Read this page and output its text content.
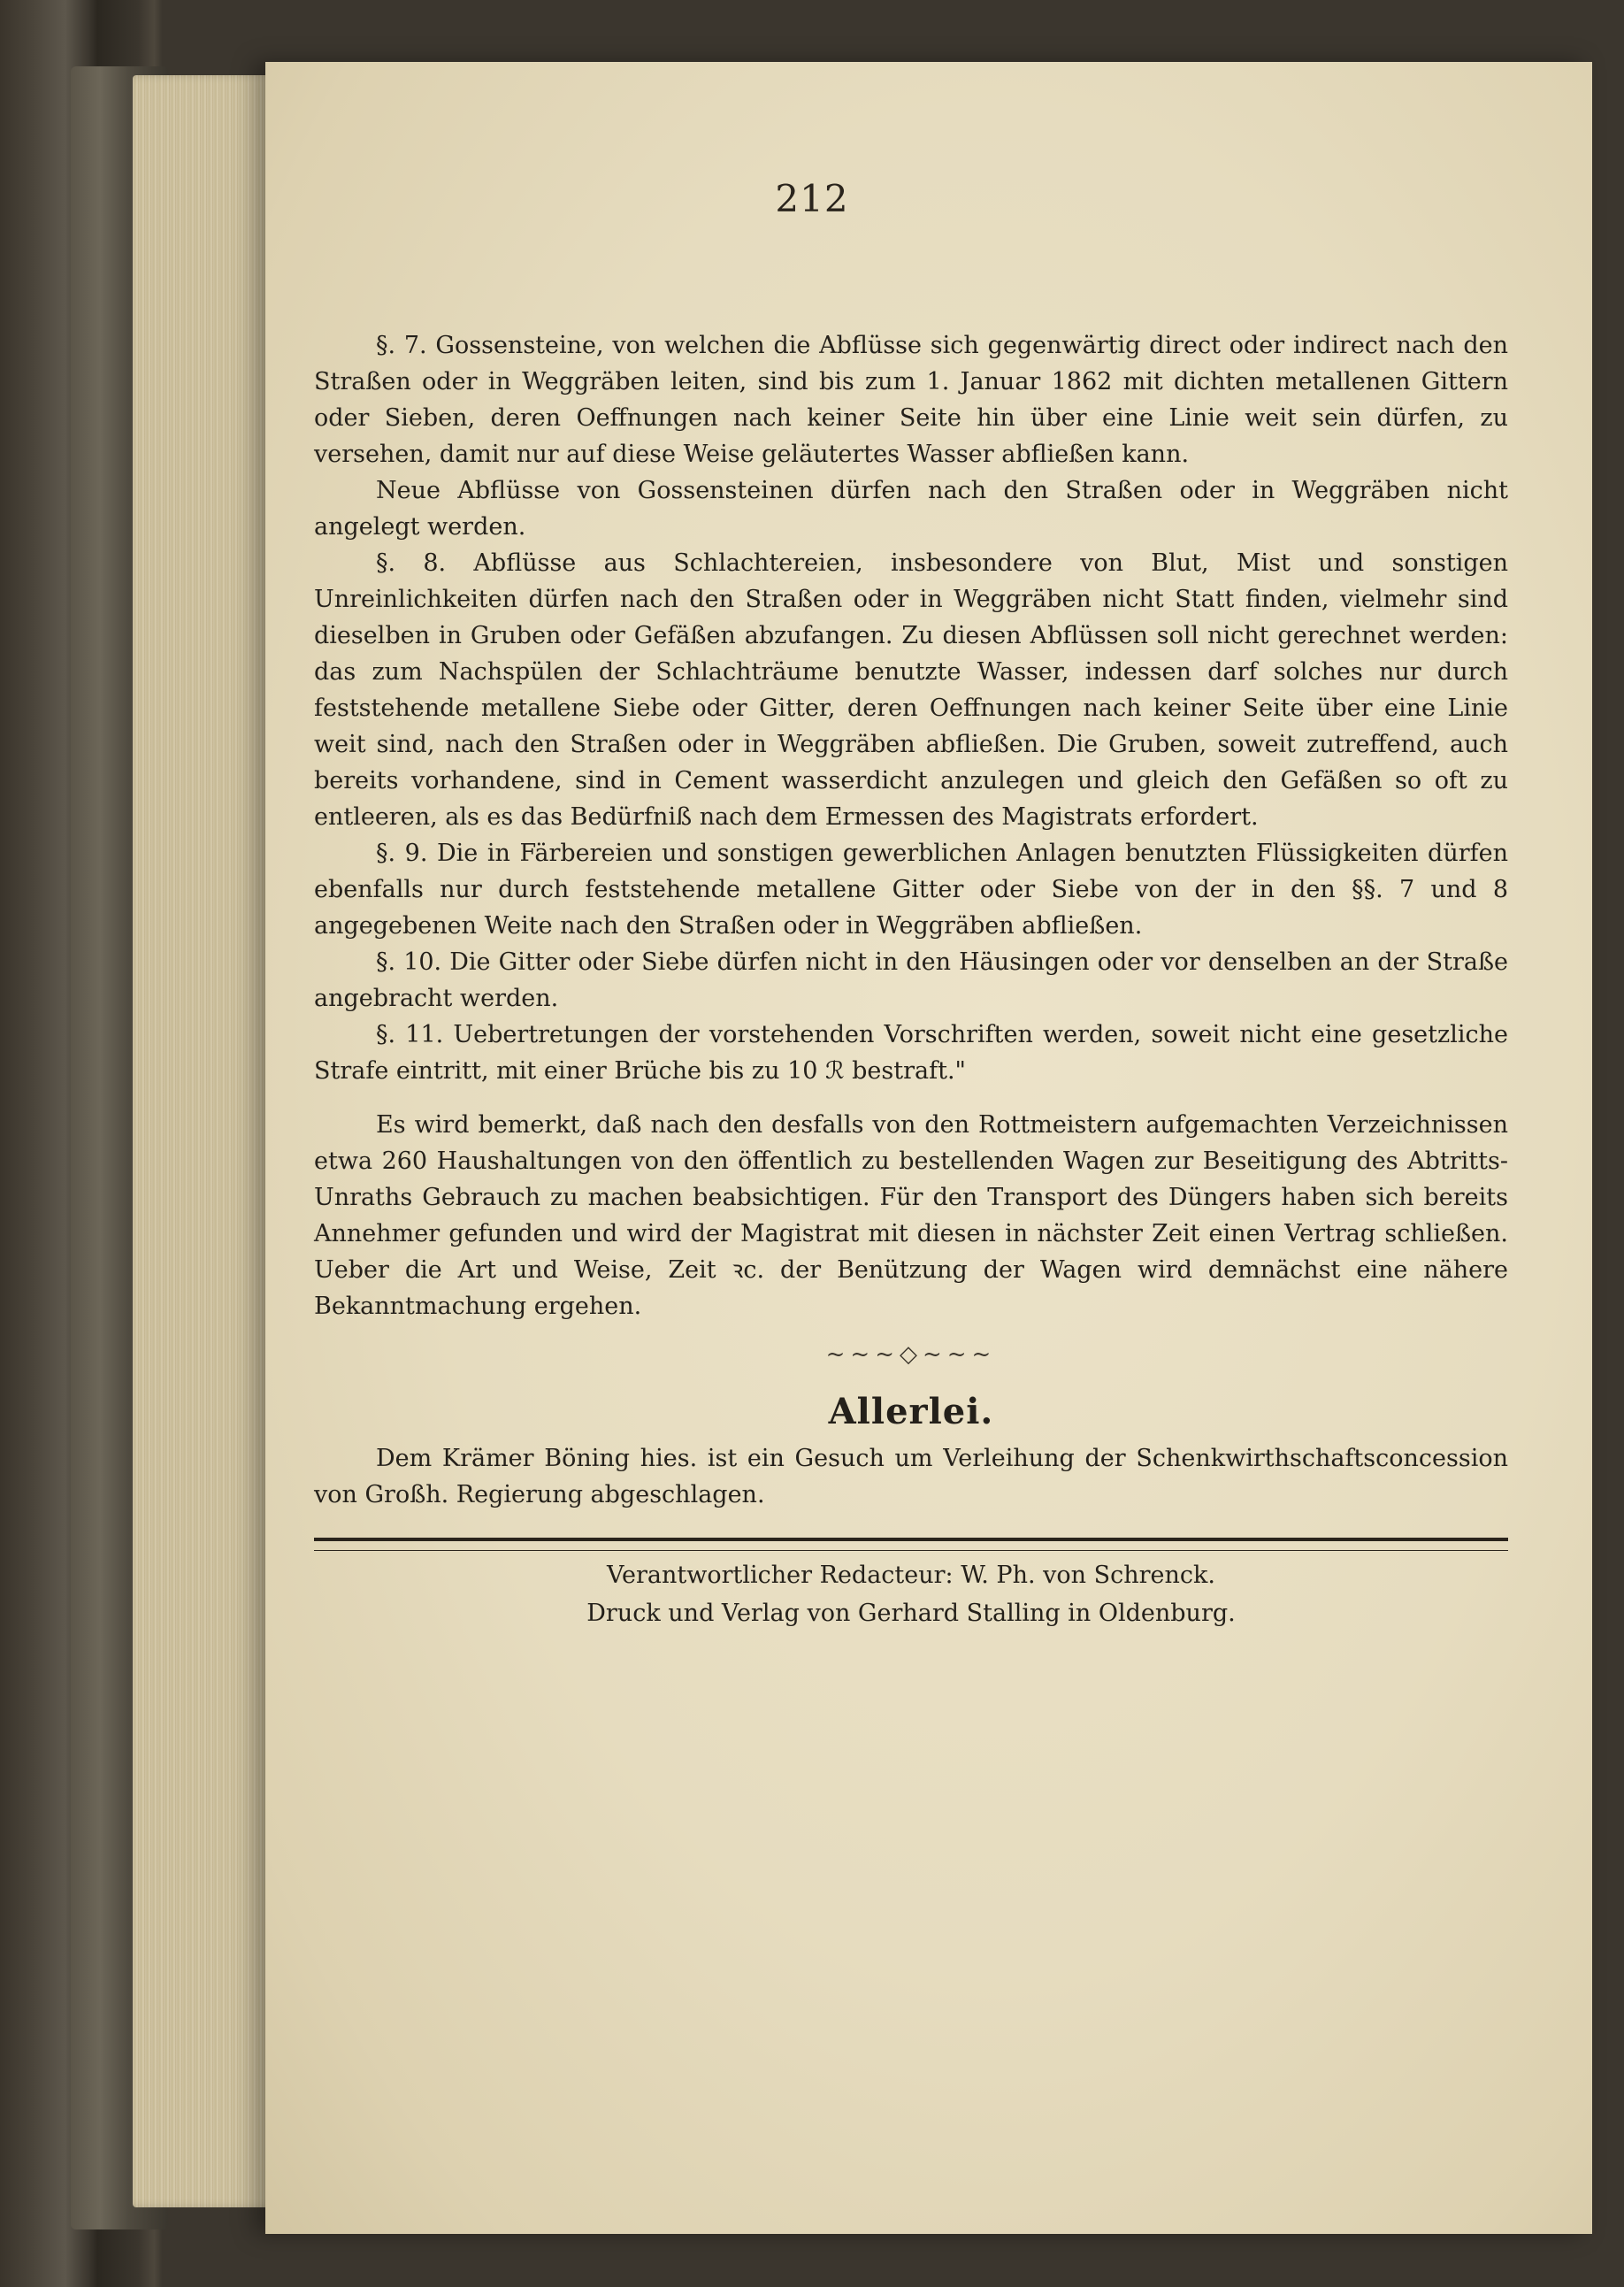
212

§. 7. Gossensteine, von welchen die Abflüsse sich gegenwärtig direct oder indirect nach den Straßen oder in Weggräben leiten, sind bis zum 1. Januar 1862 mit dichten metallenen Gittern oder Sieben, deren Oeffnungen nach keiner Seite hin über eine Linie weit sein dürfen, zu versehen, damit nur auf diese Weise geläutertes Wasser abfließen kann.

Neue Abflüsse von Gossensteinen dürfen nach den Straßen oder in Weggräben nicht angelegt werden.

§. 8. Abflüsse aus Schlachtereien, insbesondere von Blut, Mist und sonstigen Unreinlichkeiten dürfen nach den Straßen oder in Weggräben nicht Statt finden, vielmehr sind dieselben in Gruben oder Gefäßen abzufangen. Zu diesen Abflüssen soll nicht gerechnet werden: das zum Nachspülen der Schlachträume benutzte Wasser, indessen darf solches nur durch feststehende metallene Siebe oder Gitter, deren Oeffnungen nach keiner Seite über eine Linie weit sind, nach den Straßen oder in Weggräben abfließen. Die Gruben, soweit zutreffend, auch bereits vorhandene, sind in Cement wasserdicht anzulegen und gleich den Gefäßen so oft zu entleeren, als es das Bedürfniß nach dem Ermessen des Magistrats erfordert.

§. 9. Die in Färbereien und sonstigen gewerblichen Anlagen benutzten Flüssigkeiten dürfen ebenfalls nur durch feststehende metallene Gitter oder Siebe von der in den §§. 7 und 8 angegebenen Weite nach den Straßen oder in Weggräben abfließen.

§. 10. Die Gitter oder Siebe dürfen nicht in den Häusingen oder vor denselben an der Straße angebracht werden.

§. 11. Uebertretungen der vorstehenden Vorschriften werden, soweit nicht eine gesetzliche Strafe eintritt, mit einer Brüche bis zu 10 ℛ bestraft."

Es wird bemerkt, daß nach den desfalls von den Rottmeistern aufgemachten Verzeichnissen etwa 260 Haushaltungen von den öffentlich zu bestellenden Wagen zur Beseitigung des Abtritts-Unraths Gebrauch zu machen beabsichtigen. Für den Transport des Düngers haben sich bereits Annehmer gefunden und wird der Magistrat mit diesen in nächster Zeit einen Vertrag schließen. Ueber die Art und Weise, Zeit ꝛc. der Benützung der Wagen wird demnächst eine nähere Bekanntmachung ergehen.

~~~◇~~~
Allerlei.

Dem Krämer Böning hies. ist ein Gesuch um Verleihung der Schenkwirthschaftsconcession von Großh. Regierung abgeschlagen.

Verantwortlicher Redacteur: W. Ph. von Schrenck.
Druck und Verlag von Gerhard Stalling in Oldenburg.
